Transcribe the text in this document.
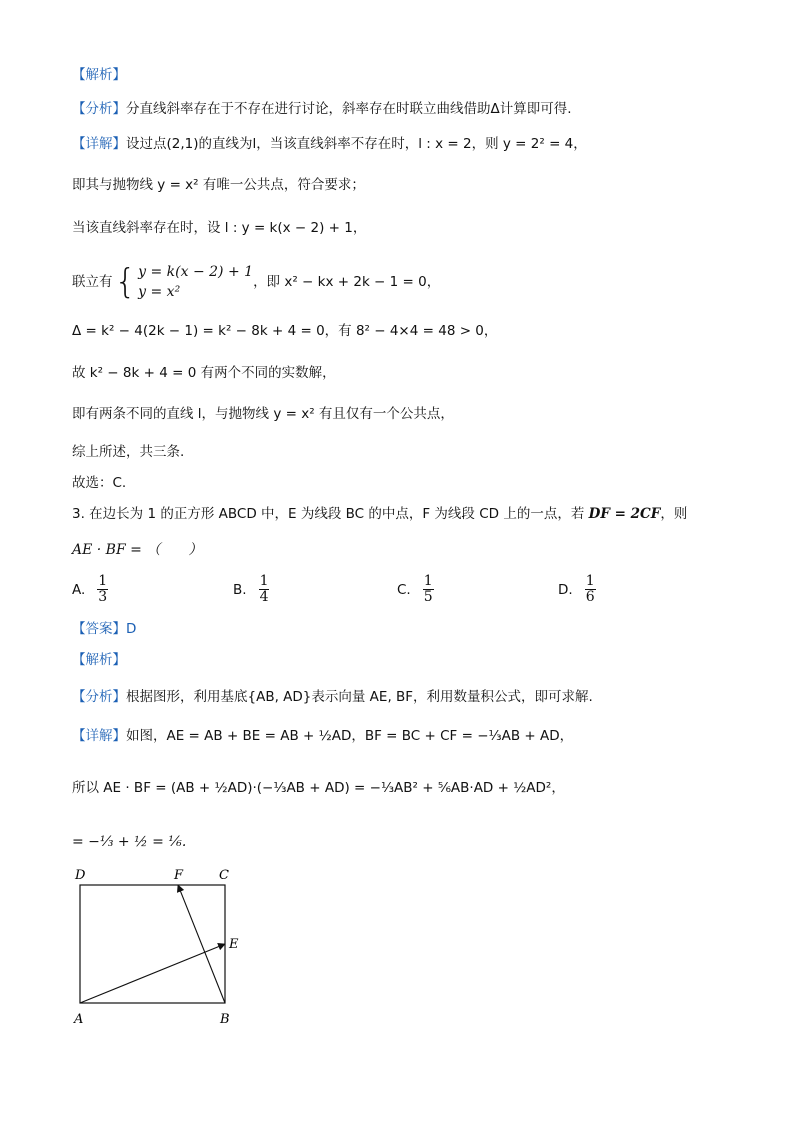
【解析】
【分析】分直线斜率存在于不存在进行讨论，斜率存在时联立曲线借助Δ计算即可得.
【详解】设过点(2,1)的直线为l，当该直线斜率不存在时，l : x = 2，则 y = 2² = 4，
即其与抛物线 y = x² 有唯一公共点，符合要求；
当该直线斜率存在时，设 l : y = k(x − 2) + 1，
联立有 { y = k(x − 2) + 1
y = x²
，即 x² − kx + 2k − 1 = 0，
Δ = k² − 4(2k − 1) = k² − 8k + 4 = 0，有 8² − 4×4 = 48 > 0，
故 k² − 8k + 4 = 0 有两个不同的实数解，
即有两条不同的直线 l，与抛物线 y = x² 有且仅有一个公共点，
综上所述，共三条.
故选：C.
3. 在边长为 1 的正方形 ABCD 中，E 为线段 BC 的中点，F 为线段 CD 上的一点，若 DF = 2CF，则
AE · BF = （　　）
A. $\frac{1}{3}$	B. $\frac{1}{4}$	C. $\frac{1}{5}$	D. $\frac{1}{6}$
【答案】D
【解析】
【分析】根据图形，利用基底{AB, AD}表示向量 AE, BF，利用数量积公式，即可求解.
【详解】如图，AE = AB + BE = AB + ½AD，BF = BC + CF = −⅓AB + AD，
所以 AE · BF = (AB + ½AD)·(−⅓AB + AD) = −⅓AB² + ⅚AB·AD + ½AD²，
= −⅓ + ½ = ⅙.
D	F	C
E
A	B
